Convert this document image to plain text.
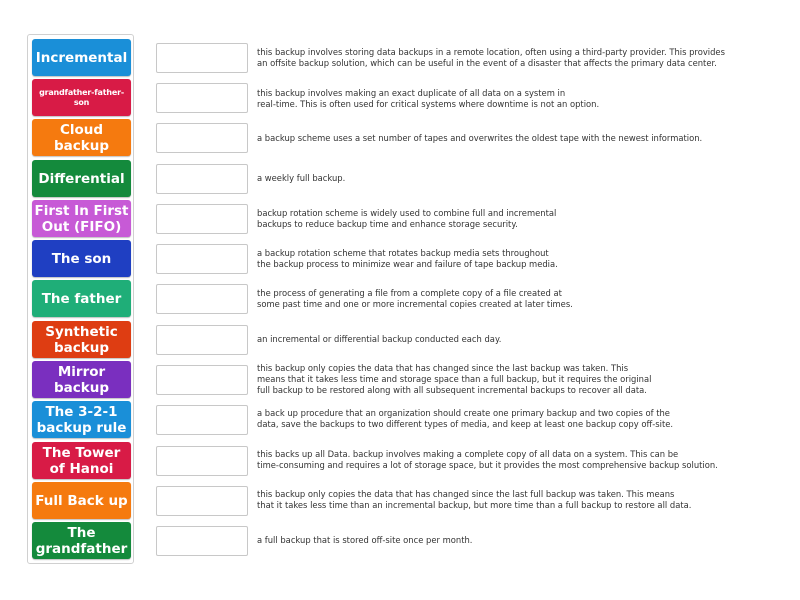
Incremental
grandfather-father-son
Cloud backup
Differential
First In First Out (FIFO)
The son
The father
Synthetic backup
Mirror backup
The 3-2-1 backup rule
The Tower of Hanoi
Full Back up
The grandfather
this backup involves storing data backups in a remote location, often using a third-party provider. This provides
an offsite backup solution, which can be useful in the event of a disaster that affects the primary data center.
this backup involves making an exact duplicate of all data on a system in
real-time. This is often used for critical systems where downtime is not an option.
a backup scheme uses a set number of tapes and overwrites the oldest tape with the newest information.
a weekly full backup.
backup rotation scheme is widely used to combine full and incremental
backups to reduce backup time and enhance storage security.
a backup rotation scheme that rotates backup media sets throughout
the backup process to minimize wear and failure of tape backup media.
the process of generating a file from a complete copy of a file created at
some past time and one or more incremental copies created at later times.
an incremental or differential backup conducted each day.
this backup only copies the data that has changed since the last backup was taken. This
means that it takes less time and storage space than a full backup, but it requires the original
full backup to be restored along with all subsequent incremental backups to recover all data.
a back up procedure that an organization should create one primary backup and two copies of the
data, save the backups to two different types of media, and keep at least one backup copy off-site.
this backs up all Data. backup involves making a complete copy of all data on a system. This can be
time-consuming and requires a lot of storage space, but it provides the most comprehensive backup solution.
this backup only copies the data that has changed since the last full backup was taken. This means
that it takes less time than an incremental backup, but more time than a full backup to restore all data.
a full backup that is stored off-site once per month.
